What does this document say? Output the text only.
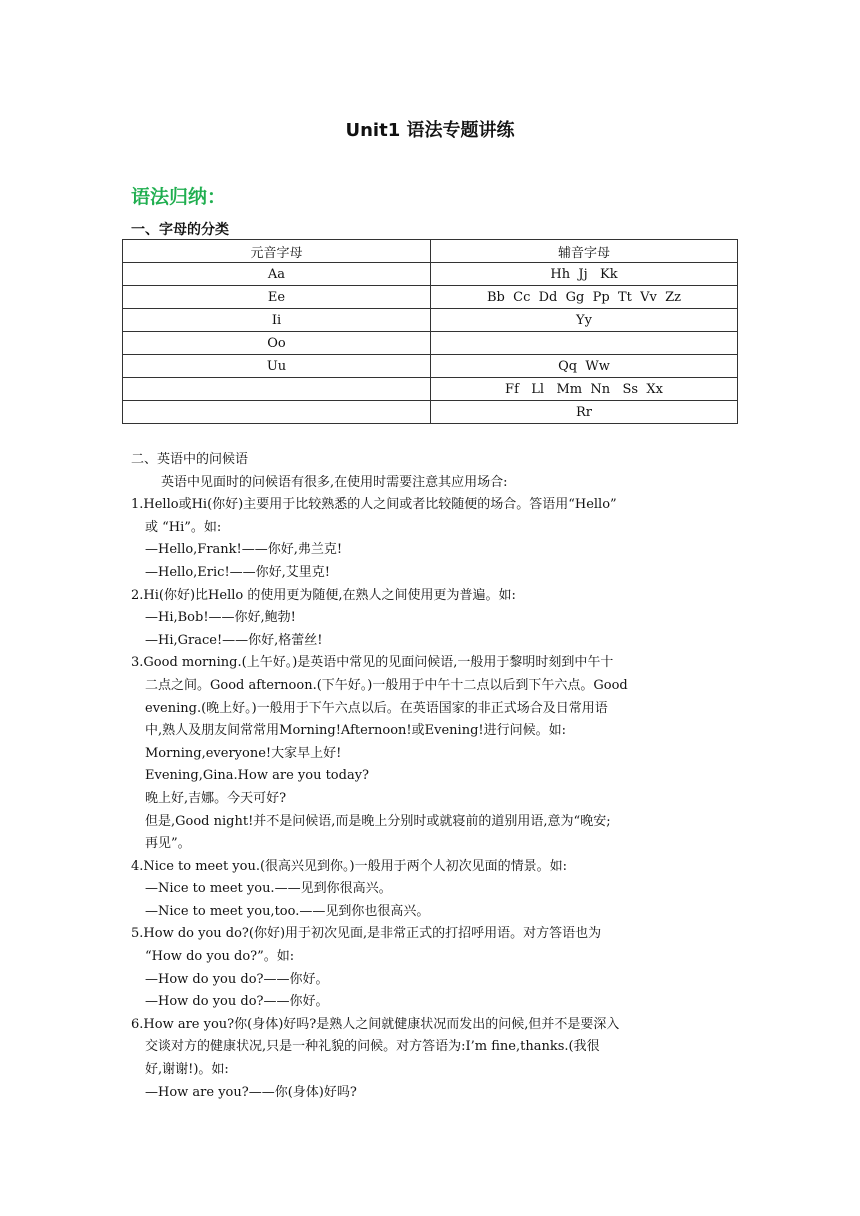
Unit1 语法专题讲练
语法归纳：
一、字母的分类
元音字母	辅音字母
Aa	Hh  Jj   Kk
Ee	Bb  Cc  Dd  Gg  Pp  Tt  Vv  Zz
Ii	Yy
Oo	
Uu	Qq  Ww
	Ff   Ll   Mm  Nn   Ss  Xx
	Rr
二、英语中的问候语
英语中见面时的问候语有很多,在使用时需要注意其应用场合:
1.Hello或Hi(你好)主要用于比较熟悉的人之间或者比较随便的场合。答语用“Hello”
或 “Hi”。如:
—Hello,Frank!——你好,弗兰克!
—Hello,Eric!——你好,艾里克!
2.Hi(你好)比Hello 的使用更为随便,在熟人之间使用更为普遍。如:
—Hi,Bob!——你好,鲍勃!
—Hi,Grace!——你好,格蕾丝!
3.Good morning.(上午好。)是英语中常见的见面问候语,一般用于黎明时刻到中午十
二点之间。Good afternoon.(下午好。)一般用于中午十二点以后到下午六点。Good
evening.(晚上好。)一般用于下午六点以后。在英语国家的非正式场合及日常用语
中,熟人及朋友间常常用Morning!Afternoon!或Evening!进行问候。如:
Morning,everyone!大家早上好!
Evening,Gina.How are you today?
晚上好,吉娜。今天可好?
但是,Good night!并不是问候语,而是晚上分别时或就寝前的道别用语,意为“晚安;
再见”。
4.Nice to meet you.(很高兴见到你。)一般用于两个人初次见面的情景。如:
—Nice to meet you.——见到你很高兴。
—Nice to meet you,too.——见到你也很高兴。
5.How do you do?(你好)用于初次见面,是非常正式的打招呼用语。对方答语也为
“How do you do?”。如:
—How do you do?——你好。
—How do you do?——你好。
6.How are you?你(身体)好吗?是熟人之间就健康状况而发出的问候,但并不是要深入
交谈对方的健康状况,只是一种礼貌的问候。对方答语为:I’m fine,thanks.(我很
好,谢谢!)。如:
—How are you?——你(身体)好吗?
